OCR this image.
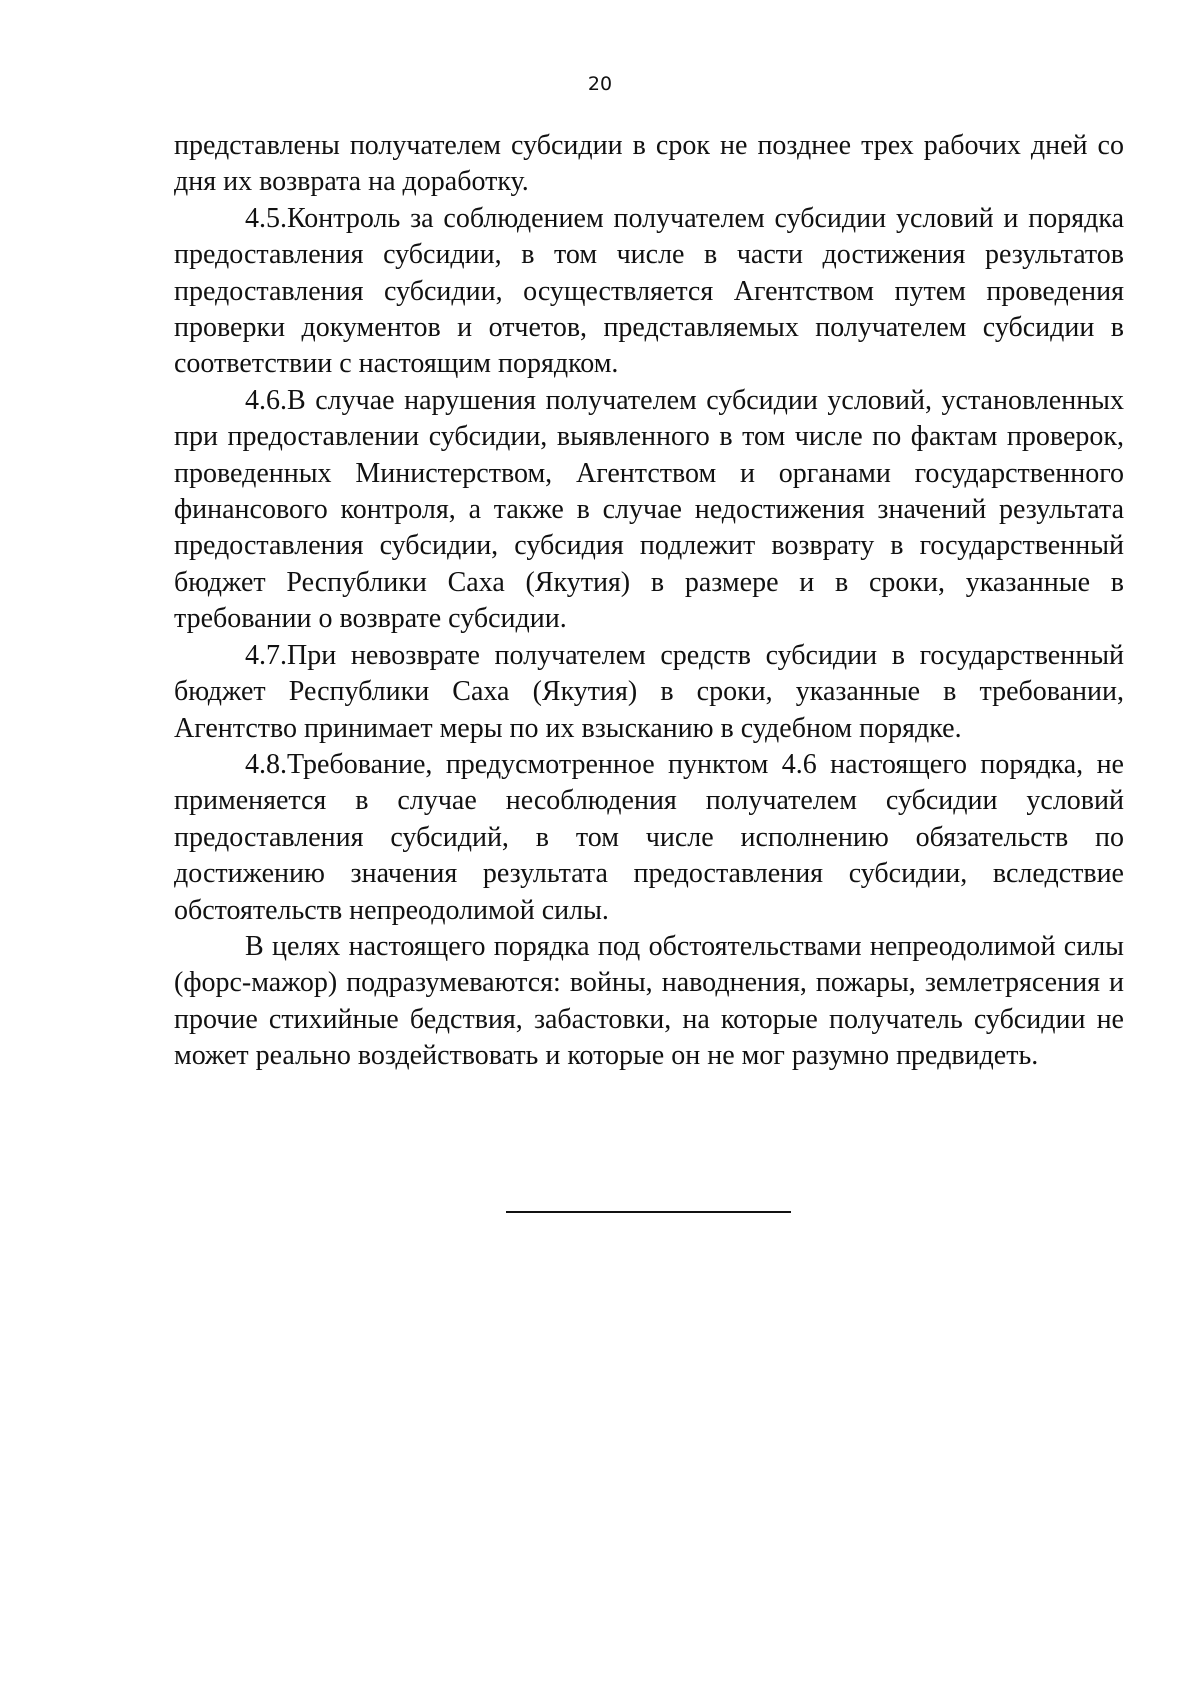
20

представлены получателем субсидии в срок не позднее трех рабочих дней со дня их возврата на доработку.

4.5.Контроль за соблюдением получателем субсидии условий и порядка предоставления субсидии, в том числе в части достижения результатов предоставления субсидии, осуществляется Агентством путем проведения проверки документов и отчетов, представляемых получателем субсидии в соответствии с настоящим порядком.

4.6.В случае нарушения получателем субсидии условий, установленных при предоставлении субсидии, выявленного в том числе по фактам проверок, проведенных Министерством, Агентством и органами государственного финансового контроля, а также в случае недостижения значений результата предоставления субсидии, субсидия подлежит возврату в государственный бюджет Республики Саха (Якутия) в размере и в сроки, указанные в требовании о возврате субсидии.

4.7.При невозврате получателем средств субсидии в государственный бюджет Республики Саха (Якутия) в сроки, указанные в требовании, Агентство принимает меры по их взысканию в судебном порядке.

4.8.Требование, предусмотренное пунктом 4.6 настоящего порядка, не применяется в случае несоблюдения получателем субсидии условий предоставления субсидий, в том числе исполнению обязательств по достижению значения результата предоставления субсидии, вследствие обстоятельств непреодолимой силы.

В целях настоящего порядка под обстоятельствами непреодолимой силы (форс-мажор) подразумеваются: войны, наводнения, пожары, землетрясения и прочие стихийные бедствия, забастовки, на которые получатель субсидии не может реально воздействовать и которые он не мог разумно предвидеть.
